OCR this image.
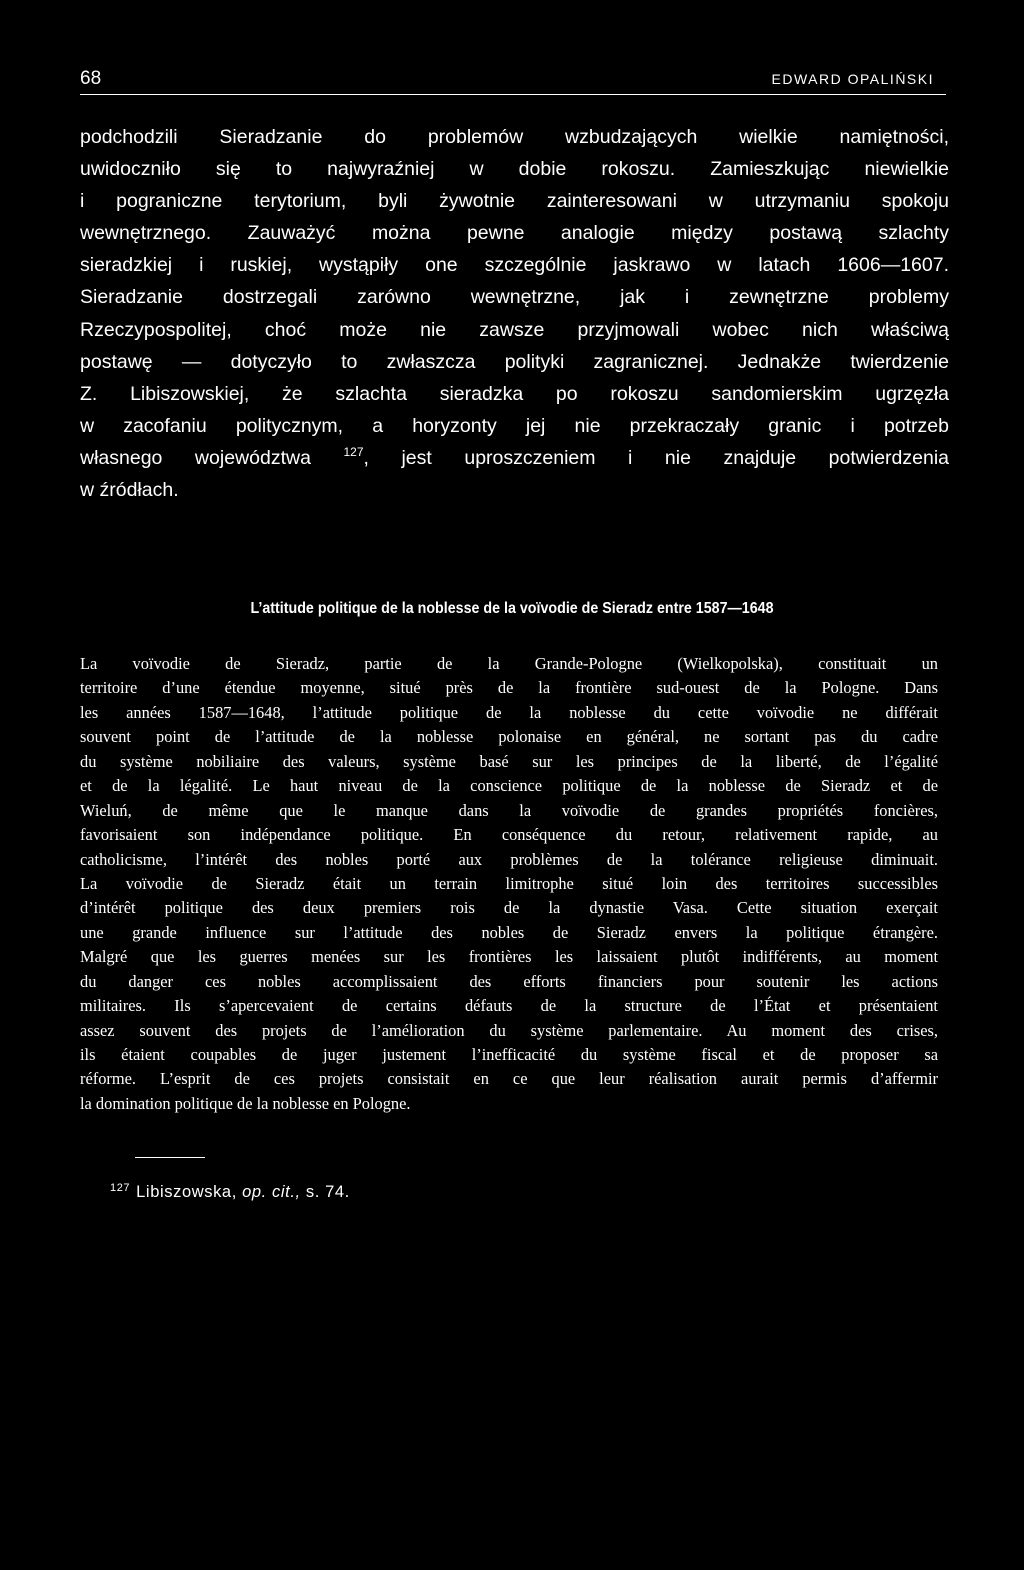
68	EDWARD OPALIŃSKI
podchodzili Sieradzanie do problemów wzbudzających wielkie namiętności,
uwidoczniło się to najwyraźniej w dobie rokoszu. Zamieszkując niewielkie
i pograniczne terytorium, byli żywotnie zainteresowani w utrzymaniu spokoju
wewnętrznego. Zauważyć można pewne analogie między postawą szlachty
sieradzkiej i ruskiej, wystąpiły one szczególnie jaskrawo w latach 1606—1607.
Sieradzanie dostrzegali zarówno wewnętrzne, jak i zewnętrzne problemy
Rzeczypospolitej, choć może nie zawsze przyjmowali wobec nich właściwą
postawę — dotyczyło to zwłaszcza polityki zagranicznej. Jednakże twierdzenie
Z. Libiszowskiej, że szlachta sieradzka po rokoszu sandomierskim ugrzęzła
w zacofaniu politycznym, a horyzonty jej nie przekraczały granic i potrzeb
własnego województwa	$^{127}$, jest uproszczeniem i nie znajduje potwierdzenia
w źródłach.
L’attitude politique de la noblesse de la voïvodie de Sieradz entre 1587—1648
La voïvodie de Sieradz, partie de la Grande-Pologne (Wielkopolska), constituait un
territoire d’une étendue moyenne, situé près de la frontière sud-ouest de la Pologne. Dans
les années 1587—1648, l’attitude politique de la noblesse du cette voïvodie ne différait
souvent point de l’attitude de la noblesse polonaise en général, ne sortant pas du cadre
du système nobiliaire des valeurs, système basé sur les principes de la liberté, de l’égalité
et de la légalité. Le haut niveau de la conscience politique de la noblesse de Sieradz et de
Wieluń, de même que le manque dans la voïvodie de grandes propriétés foncières,
favorisaient son indépendance politique. En conséquence du retour, relativement rapide, au
catholicisme, l’intérêt des nobles porté aux problèmes de la tolérance religieuse diminuait.
La voïvodie de Sieradz était un terrain limitrophe situé loin des territoires successibles
d’intérêt politique des deux premiers rois de la dynastie Vasa. Cette situation exerçait
une grande influence sur l’attitude des nobles de Sieradz envers la politique étrangère.
Malgré que les guerres menées sur les frontières les laissaient plutôt indifférents, au moment
du danger ces nobles accomplissaient des efforts financiers pour soutenir les actions
militaires. Ils s’apercevaient de certains défauts de la structure de l’État et présentaient
assez souvent des projets de l’amélioration du système parlementaire. Au moment des crises,
ils étaient coupables de juger justement l’inefficacité du système fiscal et de proposer sa
réforme. L’esprit de ces projets consistait en ce que leur réalisation aurait permis d’affermir
la domination politique de la noblesse en Pologne.
$^{127}$ Libiszowska, op. cit., s. 74.
